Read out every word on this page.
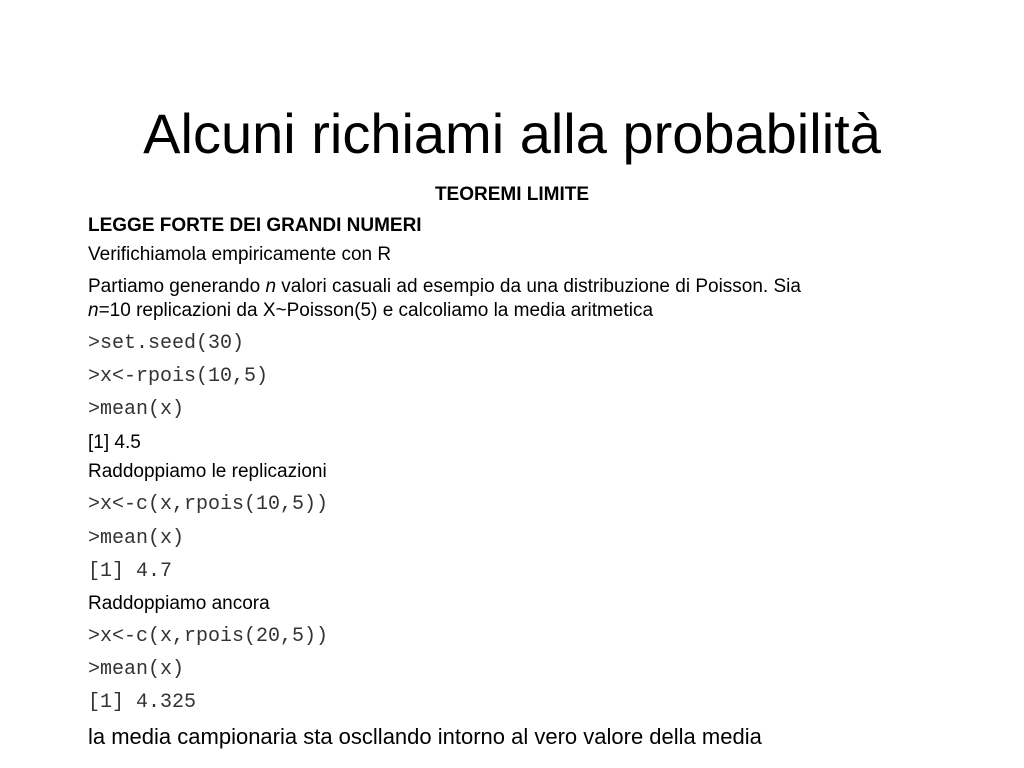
Alcuni richiami alla probabilità

TEOREMI LIMITE

LEGGE FORTE DEI GRANDI NUMERI

Verifichiamola empiricamente con R

Partiamo generando n valori casuali ad esempio da una distribuzione di Poisson. Sia

n=10 replicazioni da X~Poisson(5) e calcoliamo la media aritmetica

>set.seed(30)

>x<-rpois(10,5)

>mean(x)

[1] 4.5

Raddoppiamo le replicazioni

>x<-c(x,rpois(10,5))

>mean(x)

[1] 4.7

Raddoppiamo ancora

>x<-c(x,rpois(20,5))

>mean(x)

[1] 4.325

la media campionaria sta oscllando intorno al vero valore della media
